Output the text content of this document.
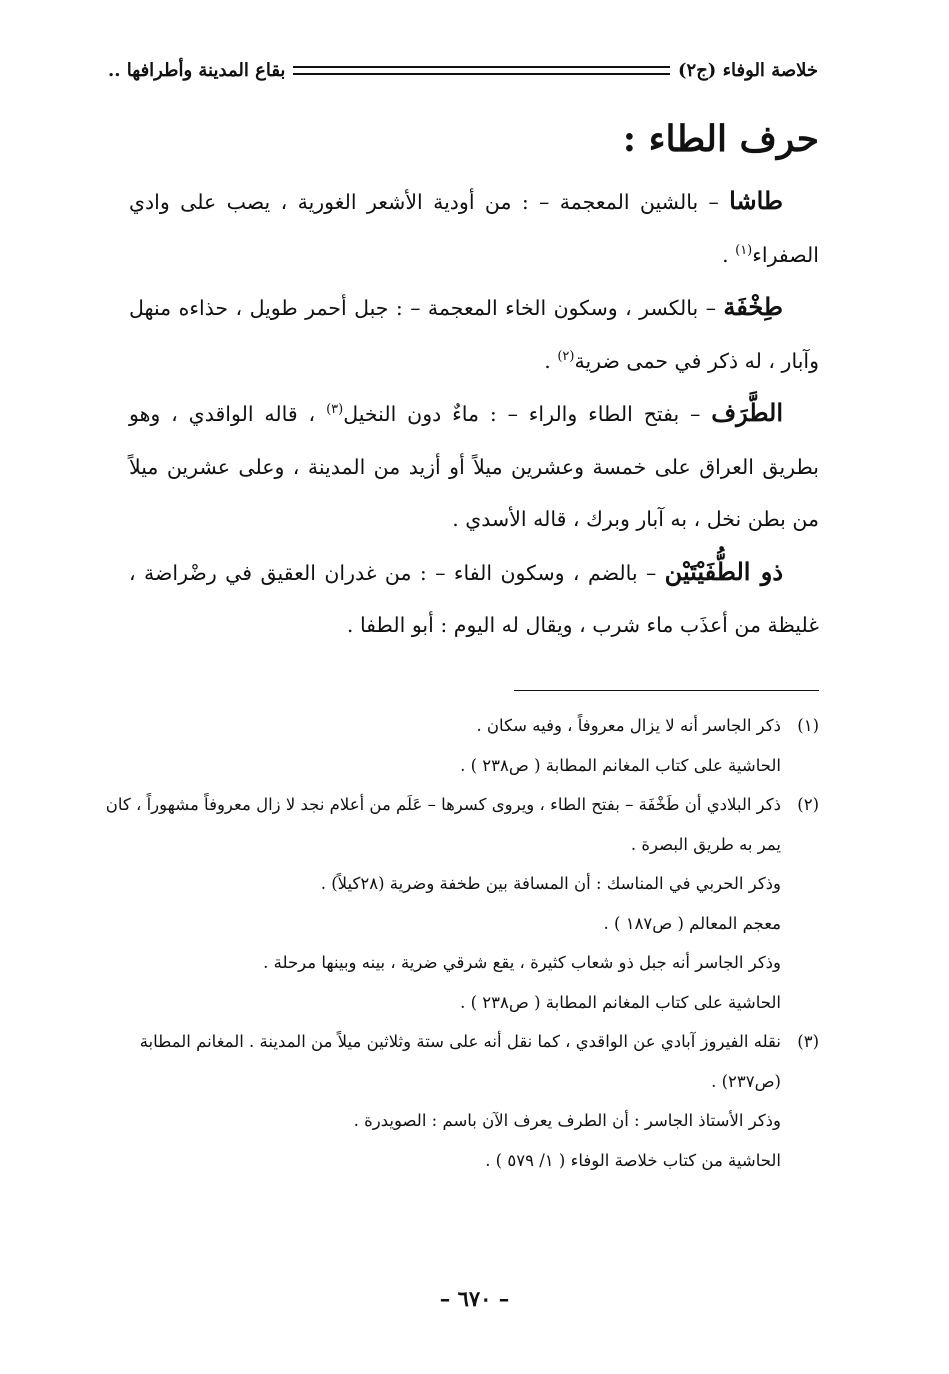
خلاصة الوفاء (ج٢)
بقاع المدينة وأطرافها ..
حرف الطاء :

طاشا – بالشين المعجمة – : من أودية الأشعر الغورية ، يصب على وادي الصفراء$^{(١)}$ .

طِخْفَة – بالكسر ، وسكون الخاء المعجمة – : جبل أحمر طويل ، حذاءه منهل وآبار ، له ذكر في حمى ضرية$^{(٢)}$ .

الطَّرَف – بفتح الطاء والراء – : ماءٌ دون النخيل$^{(٣)}$ ، قاله الواقدي ، وهو بطريق العراق على خمسة وعشرين ميلاً أو أزيد من المدينة ، وعلى عشرين ميلاً من بطن نخل ، به آبار وبرك ، قاله الأسدي .

ذو الطُّفَيْتَيْن – بالضم ، وسكون الفاء – : من غدران العقيق في رضْراضة ، غليظة من أعذَب ماء شرب ، ويقال له اليوم : أبو الطفا .

(١)
ذكر الجاسر أنه لا يزال معروفاً ، وفيه سكان .
الحاشية على كتاب المغانم المطابة ( ص٢٣٨ ) .
(٢)
ذكر البلادي أن طَخْفَة – بفتح الطاء ، ويروى كسرها – عَلَم من أعلام نجد لا زال معروفاً مشهوراً ، كان يمر به طريق البصرة .
وذكر الحربي في المناسك : أن المسافة بين طخفة وضرية (٢٨كيلاً) .
معجم المعالم ( ص١٨٧ ) .
وذكر الجاسر أنه جبل ذو شعاب كثيرة ، يقع شرقي ضرية ، بينه وبينها مرحلة .
الحاشية على كتاب المغانم المطابة ( ص٢٣٨ ) .
(٣)
نقله الفيروز آبادي عن الواقدي ، كما نقل أنه على ستة وثلاثين ميلاً من المدينة . المغانم المطابة (ص٢٣٧) .
وذكر الأستاذ الجاسر : أن الطرف يعرف الآن باسم : الصويدرة .
الحاشية من كتاب خلاصة الوفاء ( ١/ ٥٧٩ ) .
– ٦٧٠ –
